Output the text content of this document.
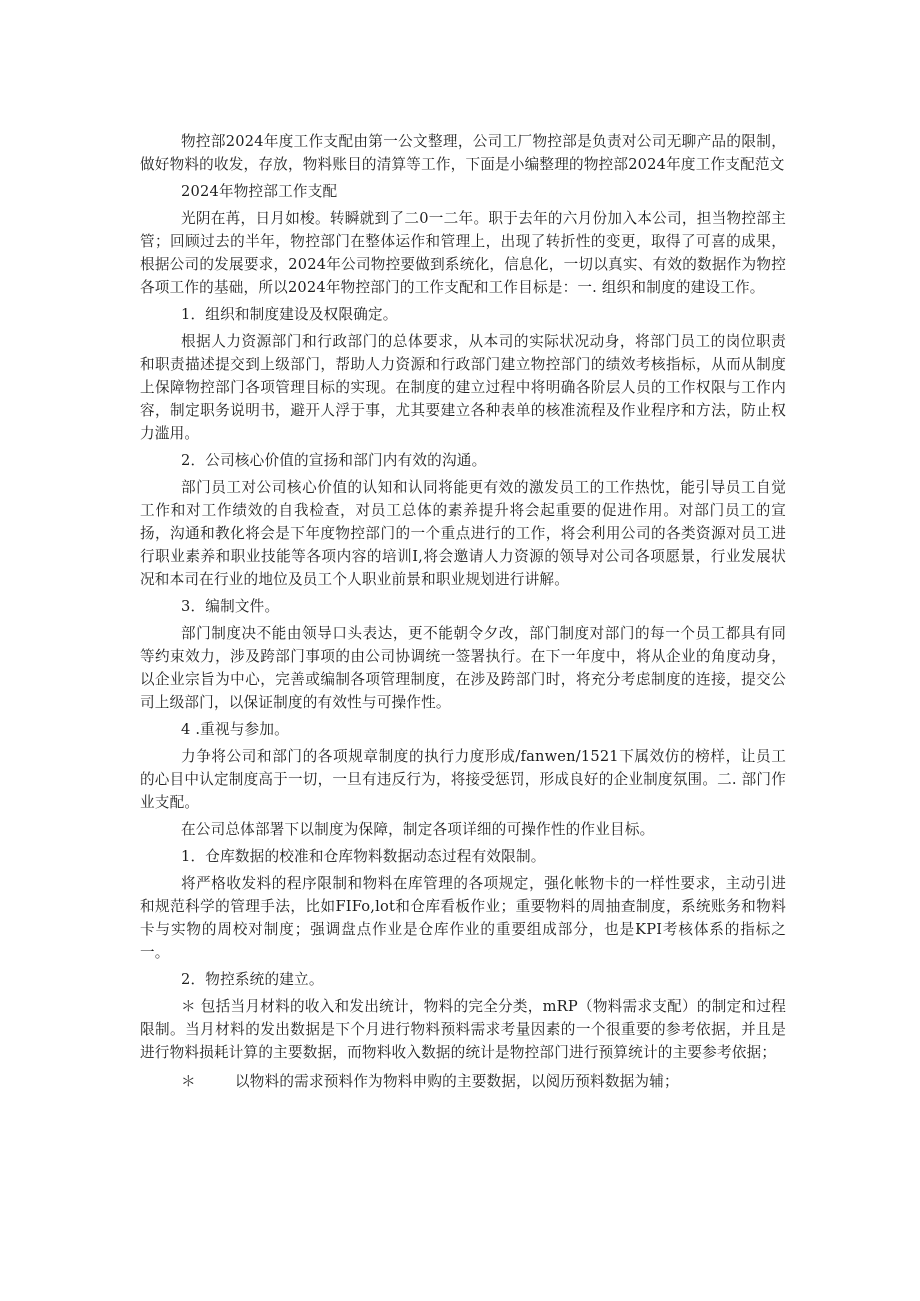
物控部2024年度工作支配由第一公文整理，公司工厂物控部是负责对公司无聊产品的限制，做好物料的收发，存放，物料账目的清算等工作，下面是小编整理的物控部2024年度工作支配范文

2024年物控部工作支配

光阴在苒，日月如梭。转瞬就到了二0一二年。职于去年的六月份加入本公司，担当物控部主管；回顾过去的半年，物控部门在整体运作和管理上，出现了转折性的变更，取得了可喜的成果，根据公司的发展要求，2024年公司物控要做到系统化，信息化，一切以真实、有效的数据作为物控各项工作的基础，所以2024年物控部门的工作支配和工作目标是：一. 组织和制度的建设工作。

1．组织和制度建设及权限确定。

根据人力资源部门和行政部门的总体要求，从本司的实际状况动身，将部门员工的岗位职责和职责描述提交到上级部门，帮助人力资源和行政部门建立物控部门的绩效考核指标，从而从制度上保障物控部门各项管理目标的实现。在制度的建立过程中将明确各阶层人员的工作权限与工作内容，制定职务说明书，避开人浮于事，尤其要建立各种表单的核准流程及作业程序和方法，防止权力滥用。

2．公司核心价值的宣扬和部门内有效的沟通。

部门员工对公司核心价值的认知和认同将能更有效的激发员工的工作热忱，能引导员工自觉工作和对工作绩效的自我检查，对员工总体的素养提升将会起重要的促进作用。对部门员工的宣扬，沟通和教化将会是下年度物控部门的一个重点进行的工作，将会利用公司的各类资源对员工进行职业素养和职业技能等各项内容的培训I,将会邀请人力资源的领导对公司各项愿景，行业发展状况和本司在行业的地位及员工个人职业前景和职业规划进行讲解。

3．编制文件。

部门制度决不能由领导口头表达，更不能朝令夕改，部门制度对部门的每一个员工都具有同等约束效力，涉及跨部门事项的由公司协调统一签署执行。在下一年度中，将从企业的角度动身，以企业宗旨为中心，完善或编制各项管理制度，在涉及跨部门时，将充分考虑制度的连接，提交公司上级部门，以保证制度的有效性与可操作性。

4 .重视与参加。

力争将公司和部门的各项规章制度的执行力度形成/fanwen/1521下属效仿的榜样，让员工的心目中认定制度高于一切，一旦有违反行为，将接受惩罚，形成良好的企业制度氛围。二. 部门作业支配。

在公司总体部署下以制度为保障，制定各项详细的可操作性的作业目标。

1．仓库数据的校准和仓库物料数据动态过程有效限制。

将严格收发料的程序限制和物料在库管理的各项规定，强化帐物卡的一样性要求，主动引进和规范科学的管理手法，比如FIFo,lot和仓库看板作业；重要物料的周抽查制度，系统账务和物料卡与实物的周校对制度；强调盘点作业是仓库作业的重要组成部分，也是KPI考核体系的指标之一。

2．物控系统的建立。

＊ 包括当月材料的收入和发出统计，物料的完全分类，mRP（物料需求支配）的制定和过程限制。当月材料的发出数据是下个月进行物料预料需求考量因素的一个很重要的参考依据，并且是进行物料损耗计算的主要数据，而物料收入数据的统计是物控部门进行预算统计的主要参考依据；

＊	以物料的需求预料作为物料申购的主要数据，以阅历预料数据为辅；
